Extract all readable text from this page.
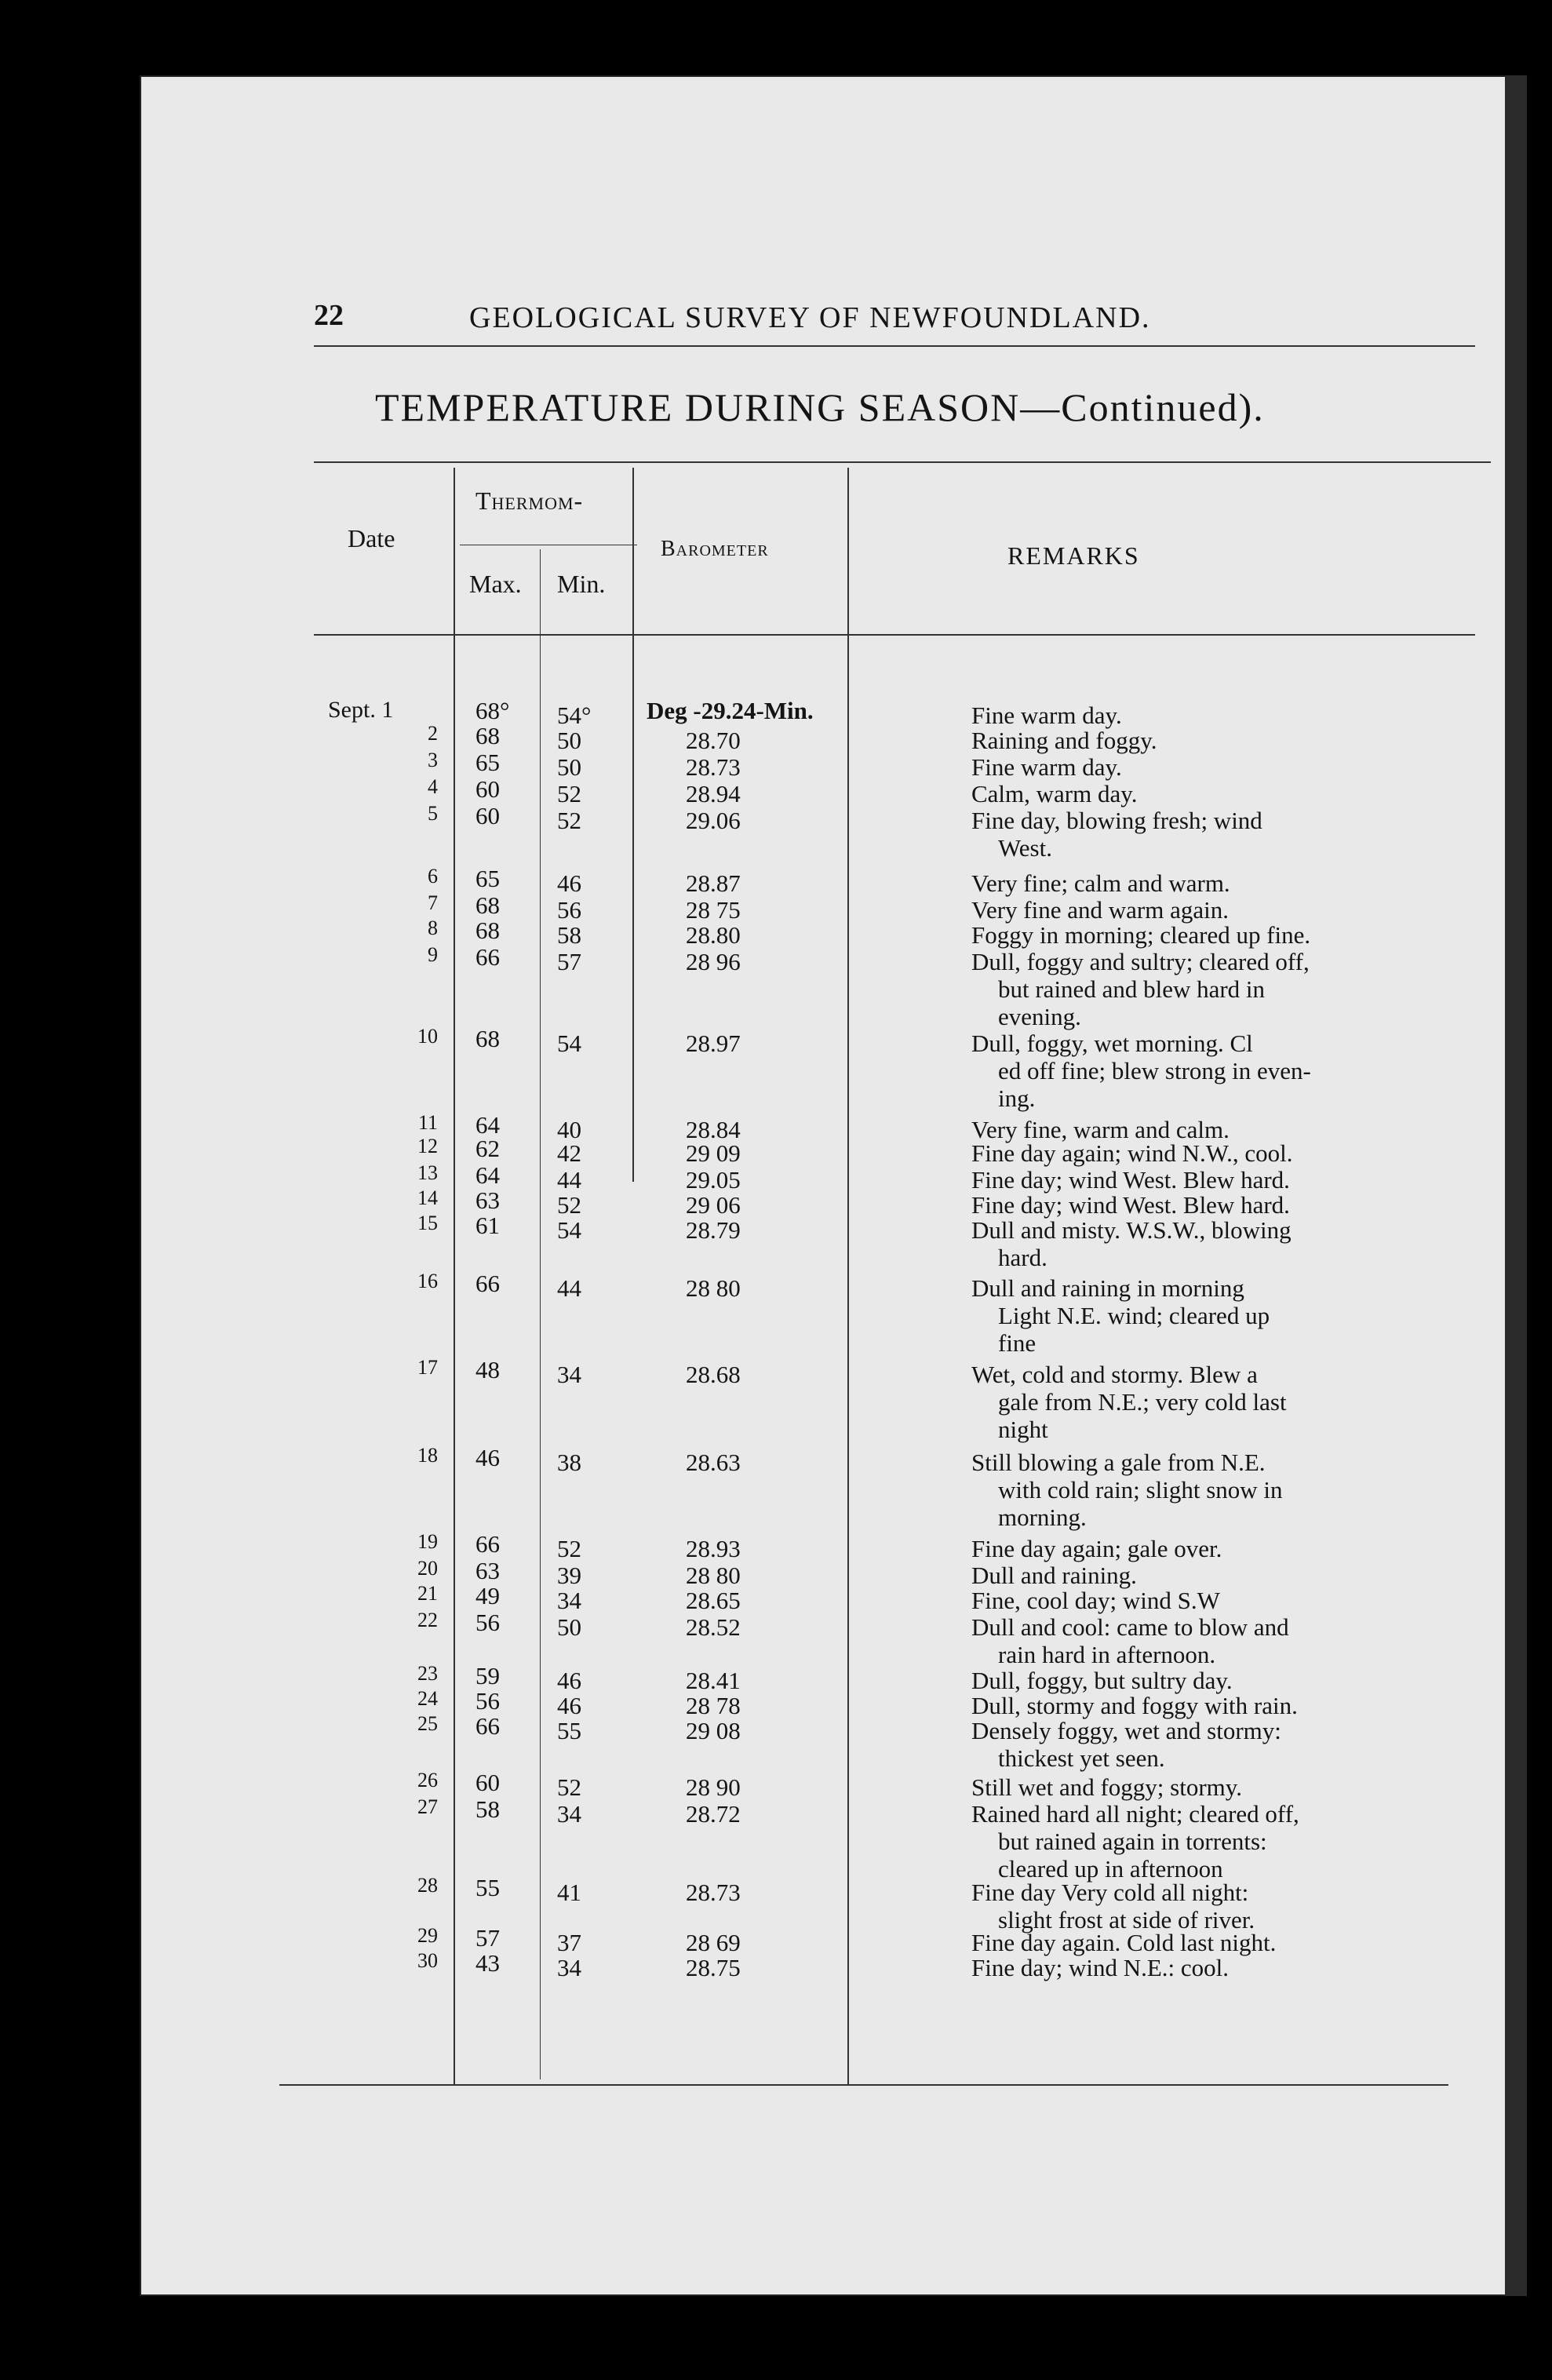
22	GEOLOGICAL SURVEY OF NEWFOUNDLAND.
TEMPERATURE DURING SEASON—Continued).
Date
Thermom-
Max. Min.
Barometer	REMARKS
Sept. 1	68° 54° Deg -29.24-Min.	Fine warm day.
2 68 50	28.70	Raining and foggy.
3 65 50	28.73	Fine warm day.
4 60 52	28.94	Calm, warm day.
5 60 52	29.06	Fine day, blowing fresh; wind
West.
6 65 46	28.87	Very fine; calm and warm.
7 68 56	28 75	Very fine and warm again.
8 68 58	28.80	Foggy in morning; cleared up fine.
9 66 57	28 96	Dull, foggy and sultry; cleared off,
but rained and blew hard in
evening.
10 68 54	28.97	Dull, foggy, wet morning. Cl
ed off fine; blew strong in even-
ing.
11 64 40	28.84	Very fine, warm and calm.
12 62 42	29 09	Fine day again; wind N.W., cool.
13 64 44	29.05	Fine day; wind West. Blew hard.
14 63 52	29 06	Fine day; wind West. Blew hard.
15 61 54	28.79	Dull and misty. W.S.W., blowing
hard.
16 66 44	28 80	Dull and raining in morning
Light N.E. wind; cleared up
fine
17 48 34	28.68	Wet, cold and stormy. Blew a
gale from N.E.; very cold last
night
18 46 38	28.63	Still blowing a gale from N.E.
with cold rain; slight snow in
morning.
19 66 52	28.93	Fine day again; gale over.
20 63 39	28 80	Dull and raining.
21 49 34	28.65	Fine, cool day; wind S.W
22 56 50	28.52	Dull and cool: came to blow and
rain hard in afternoon.
23 59 46	28.41	Dull, foggy, but sultry day.
24 56 46	28 78	Dull, stormy and foggy with rain.
25 66 55	29 08	Densely foggy, wet and stormy:
thickest yet seen.
26 60 52	28 90	Still wet and foggy; stormy.
27 58 34	28.72	Rained hard all night; cleared off,
but rained again in torrents:
cleared up in afternoon
28 55 41	28.73	Fine day Very cold all night:
slight frost at side of river.
29 57 37	28 69	Fine day again. Cold last night.
30 43 34	28.75	Fine day; wind N.E.: cool.
